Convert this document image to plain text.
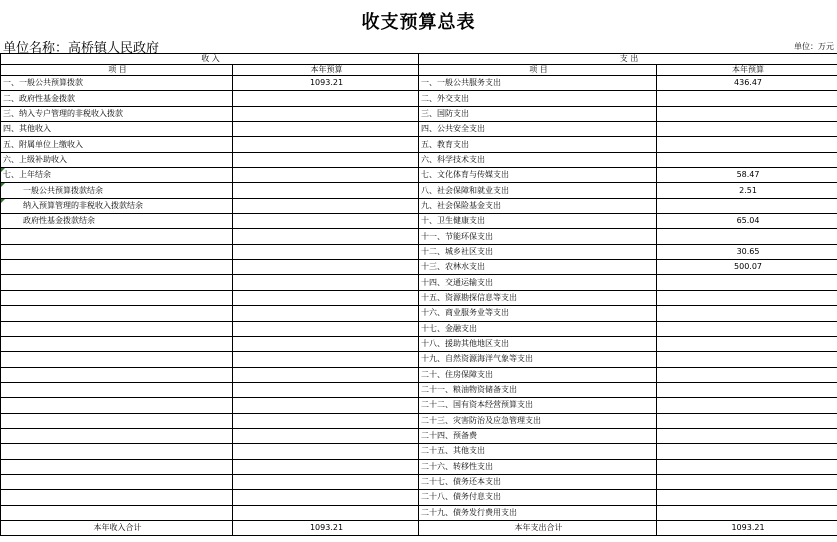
收支预算总表
单位名称：高桥镇人民政府	单位：万元
收 入		支 出	
项 目	本年预算	项 目	本年预算
一、一般公共预算拨款	1093.21	一、一般公共服务支出	436.47
二、政府性基金拨款		二、外交支出	
三、纳入专户管理的非税收入拨款		三、国防支出	
四、其他收入		四、公共安全支出	
五、附属单位上缴收入		五、教育支出	
六、上级补助收入		六、科学技术支出	
七、上年结余		七、文化体育与传媒支出	58.47
一般公共预算拨款结余		八、社会保障和就业支出	2.51
纳入预算管理的非税收入拨款结余		九、社会保险基金支出	
政府性基金拨款结余		十、卫生健康支出	65.04
		十一、节能环保支出	
		十二、城乡社区支出	30.65
		十三、农林水支出	500.07
		十四、交通运输支出	
		十五、资源勘探信息等支出	
		十六、商业服务业等支出	
		十七、金融支出	
		十八、援助其他地区支出	
		十九、自然资源海洋气象等支出	
		二十、住房保障支出	
		二十一、粮油物资储备支出	
		二十二、国有资本经营预算支出	
		二十三、灾害防治及应急管理支出	
		二十四、预备费	
		二十五、其他支出	
		二十六、转移性支出	
		二十七、债务还本支出	
		二十八、债务付息支出	
		二十九、债务发行费用支出	
本年收入合计	1093.21	本年支出合计	1093.21
